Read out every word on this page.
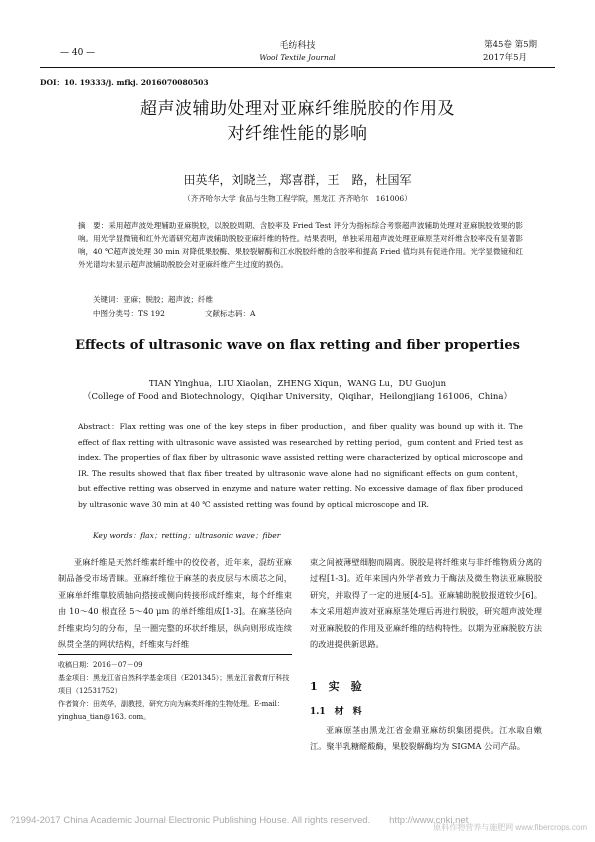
— 40 —
毛纺科技
Wool Textile Journal
第45卷 第5期
2017年5月
DOI：10. 19333/j. mfkj. 2016070080503
超声波辅助处理对亚麻纤维脱胶的作用及
对纤维性能的影响
田英华，刘晓兰，郑喜群，王　路，杜国军
（齐齐哈尔大学 食品与生物工程学院，黑龙江 齐齐哈尔　161006）
摘　要：采用超声波处理辅助亚麻脱胶，以脱胶周期、含胶率及 Fried Test 评分为指标综合考察超声波辅助处理对亚麻脱胶效果的影响。用光学显微镜和红外光谱研究超声波辅助脱胶亚麻纤维的特性。结果表明，单独采用超声波处理亚麻原茎对纤维含胶率没有显著影响，40 ℃超声波处理 30 min 对降低果胶酶、果胶裂解酶和江水脱胶纤维的含胶率和提高 Fried 值均具有促进作用。光学显微镜和红外光谱均未显示超声波辅助脱胶会对亚麻纤维产生过度的损伤。
关键词：亚麻；脱胶；超声波；纤维
中图分类号：TS 192	文献标志码：A
Effects of ultrasonic wave on flax retting and fiber properties
TIAN Yinghua，LIU Xiaolan，ZHENG Xiqun，WANG Lu，DU Guojun
（College of Food and Biotechnology，Qiqihar University，Qiqihar，Heilongjiang 161006，China）
Abstract：Flax retting was one of the key steps in fiber production，and fiber quality was bound up with it. The effect of flax retting with ultrasonic wave assisted was researched by retting period，gum content and Fried test as index. The properties of flax fiber by ultrasonic wave assisted retting were characterized by optical microscope and IR. The results showed that flax fiber treated by ultrasonic wave alone had no significant effects on gum content，but effective retting was observed in enzyme and nature water retting. No excessive damage of flax fiber produced by ultrasonic wave 30 min at 40 ℃ assisted retting was found by optical microscope and IR.
Key words：flax；retting；ultrasonic wave；fiber
亚麻纤维是天然纤维素纤维中的佼佼者，近年来，混纺亚麻制品备受市场青睐。亚麻纤维位于麻茎的表皮层与木质芯之间，亚麻单纤维靠胶质轴向搭接或侧向转接形成纤维束，每个纤维束由 10～40 根直径 5～40 μm 的单纤维组成[1-3]。在麻茎径向纤维束均匀的分布，呈一圈完整的环状纤维层，纵向则形成连续纵贯全茎的网状结构，纤维束与纤维
束之间被薄壁细胞而隔离。脱胶是将纤维束与非纤维物质分离的过程[1-3]。近年来国内外学者致力于酶法及微生物法亚麻脱胶研究，并取得了一定的进展[4-5]。亚麻辅助脱胶报道较少[6]。本文采用超声波对亚麻原茎处理后再进行脱胶，研究超声波处理对亚麻脱胶的作用及亚麻纤维的结构特性。以期为亚麻脱胶方法的改进提供新思路。
收稿日期：2016－07－09
基金项目：黑龙江省自然科学基金项目（E201345）；黑龙江省教育厅科技项目（12531752）
作者简介：田英华，副教授，研究方向为麻类纤维的生物处理。E-mail：yinghua_tian@163. com。
1　实　验
1.1　材　料
亚麻原茎由黑龙江省金鼎亚麻纺织集团提供。江水取自嫩江。聚半乳糖醛酸酶，果胶裂解酶均为 SIGMA 公司产品。
?1994-2017 China Academic Journal Electronic Publishing House. All rights reserved.　　http://www.cnki.net
原料作物营养与施肥网 www.fibercrops.com
